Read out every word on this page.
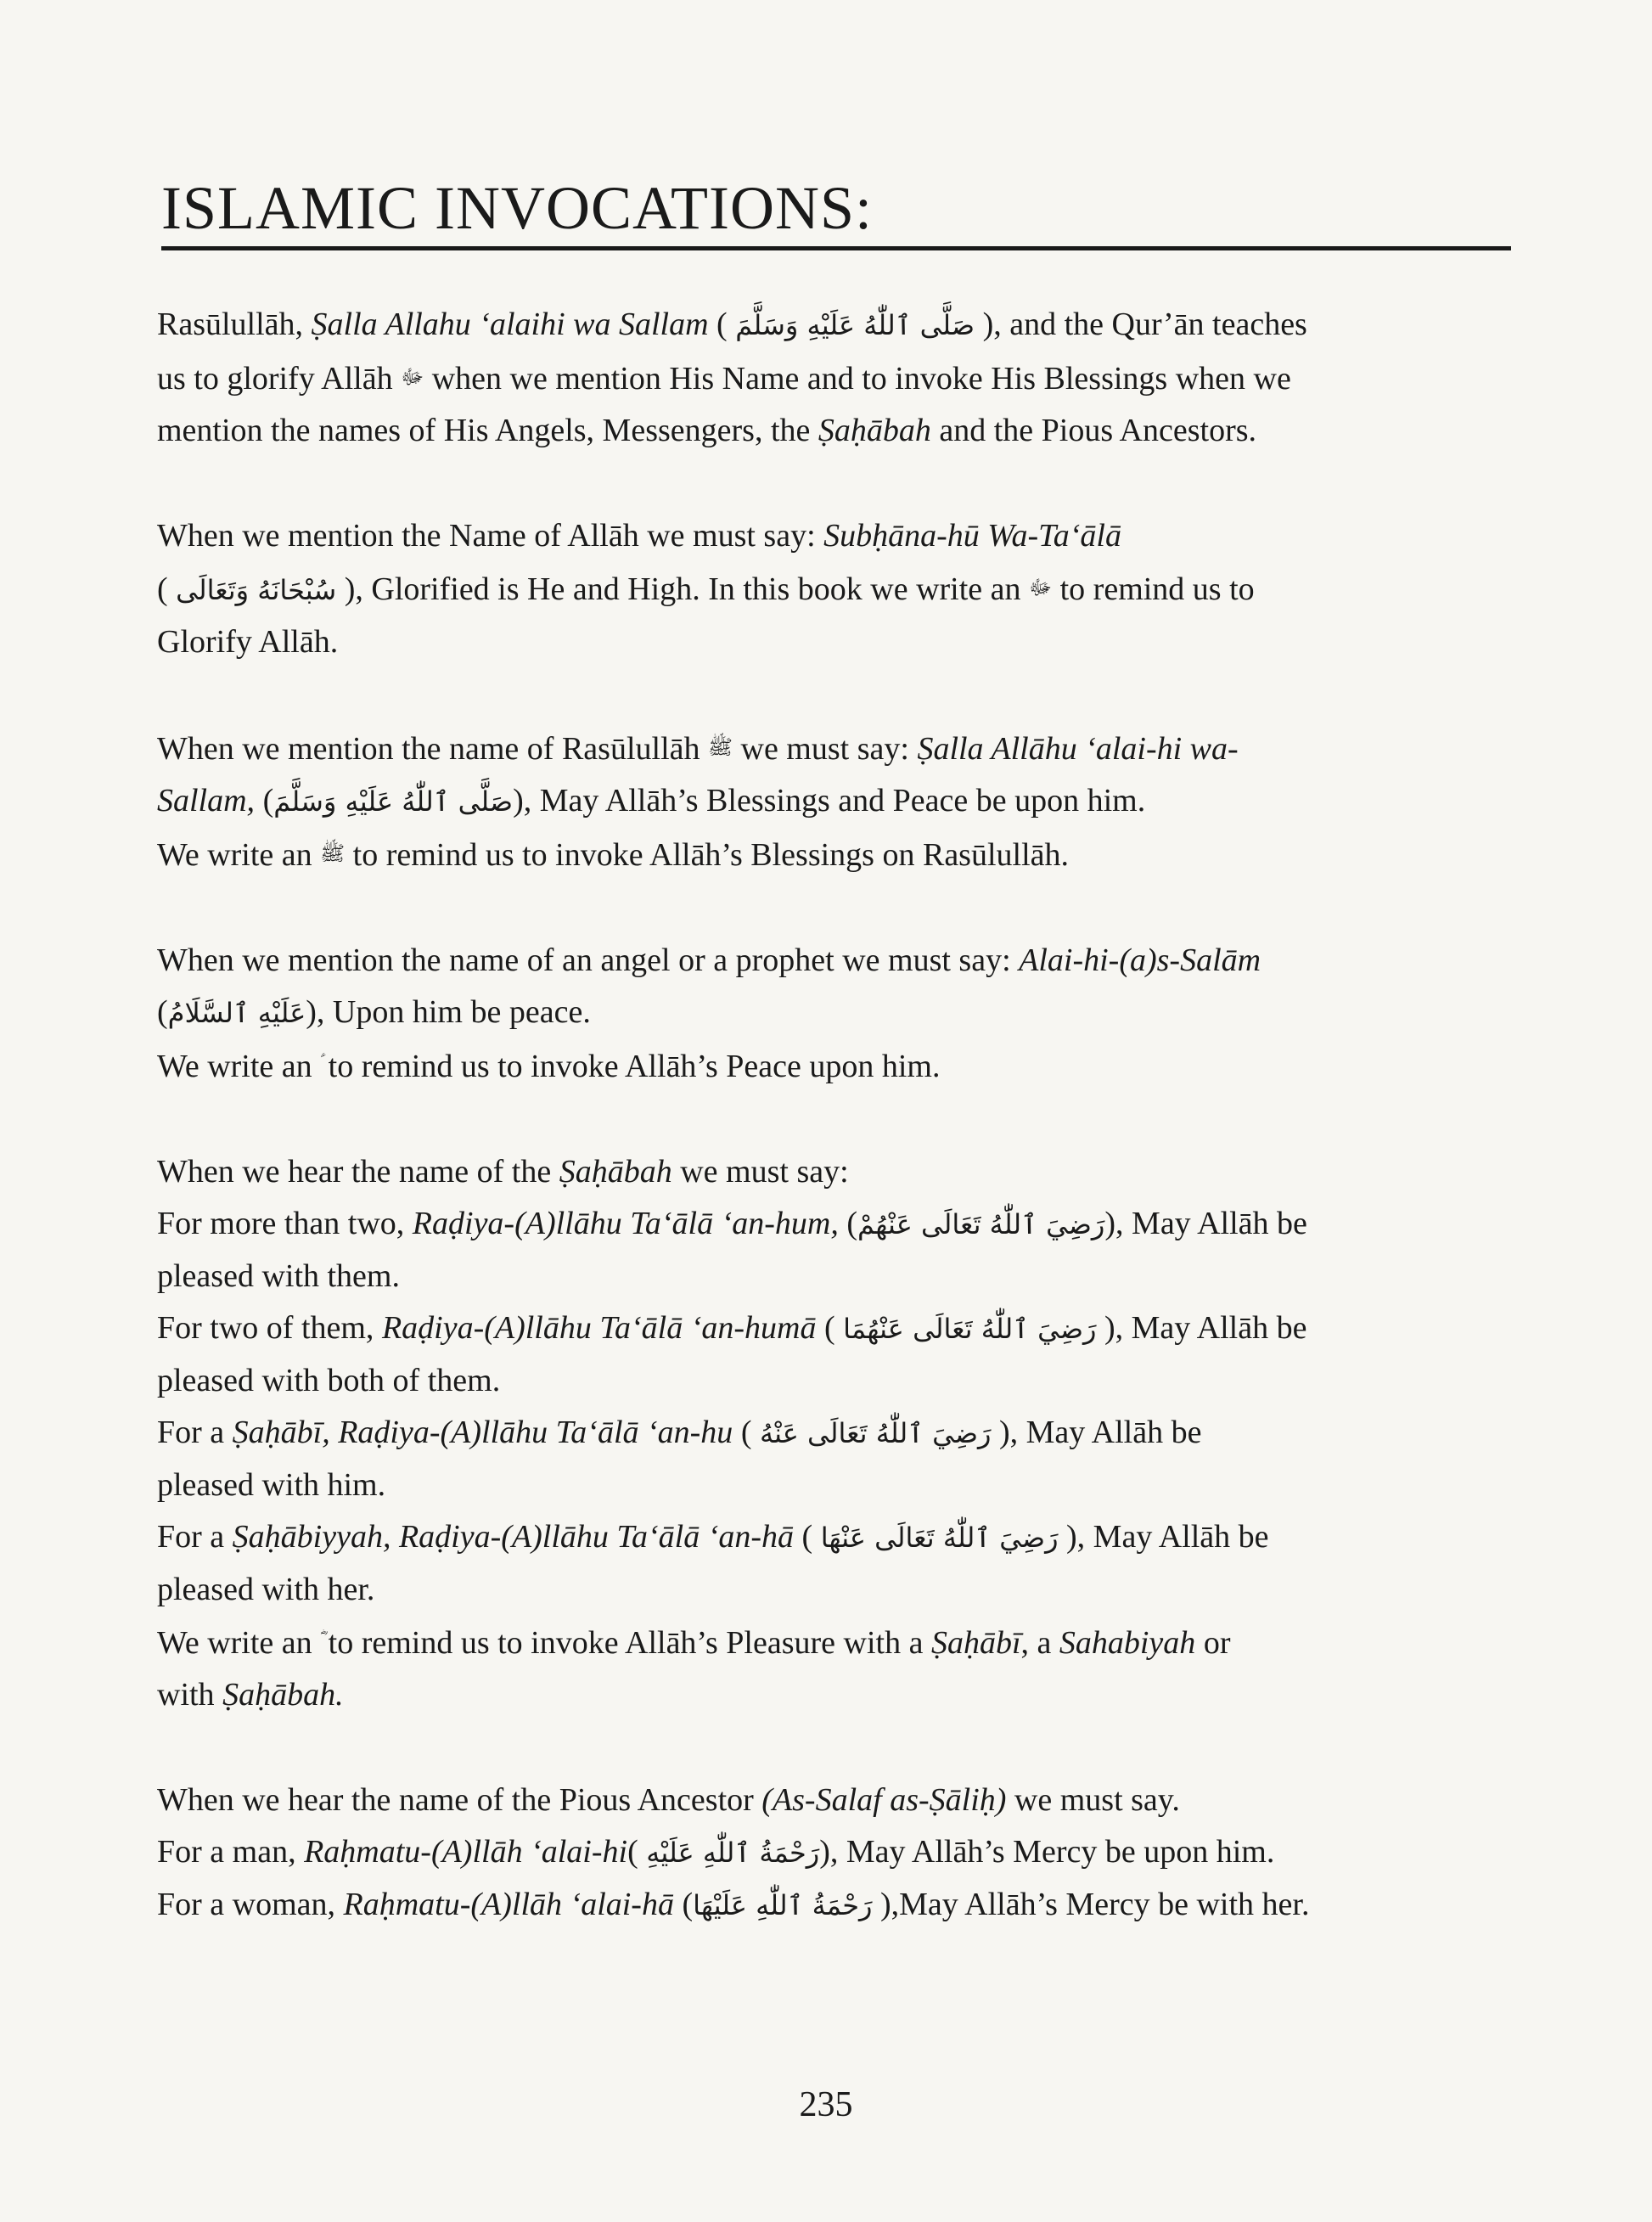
ISLAMIC INVOCATIONS:

Rasūlullāh, Ṣalla Allahu ‘alaihi wa Sallam ( صَلَّى ٱللّٰهُ عَلَيْهِ وَسَلَّمَ ), and the Qur’ān teaches
us to glorify Allāh ﷻ when we mention His Name and to invoke His Blessings when we
mention the names of His Angels, Messengers, the Ṣaḥābah and the Pious Ancestors.

When we mention the Name of Allāh we must say: Subḥāna-hū Wa-Ta‘ālā
( سُبْحَانَهُ وَتَعَالَى ), Glorified is He and High. In this book we write an ﷻ to remind us to
Glorify Allāh.

When we mention the name of Rasūlullāh ﷺ we must say: Ṣalla Allāhu ‘alai-hi wa-
Sallam, (صَلَّى ٱللّٰهُ عَلَيْهِ وَسَلَّمَ), May Allāh’s Blessings and Peace be upon him.
We write an ﷺ to remind us to invoke Allāh’s Blessings on Rasūlullāh.

When we mention the name of an angel or a prophet we must say: Alai-hi-(a)s-Salām
(عَلَيْهِ ٱلسَّلَامُ), Upon him be peace.
We write an  to remind us to invoke Allāh’s Peace upon him.

When we hear the name of the Ṣaḥābah we must say:
For more than two, Raḍiya-(A)llāhu Ta‘ālā ‘an-hum, (رَضِيَ ٱللّٰهُ تَعَالَى عَنْهُمْ), May Allāh be
pleased with them.
For two of them, Raḍiya-(A)llāhu Ta‘ālā ‘an-humā ( رَضِيَ ٱللّٰهُ تَعَالَى عَنْهُمَا ), May Allāh be
pleased with both of them.
For a Ṣaḥābī, Raḍiya-(A)llāhu Ta‘ālā ‘an-hu ( رَضِيَ ٱللّٰهُ تَعَالَى عَنْهُ ), May Allāh be
pleased with him.
For a Ṣaḥābiyyah, Raḍiya-(A)llāhu Ta‘ālā ‘an-hā ( رَضِيَ ٱللّٰهُ تَعَالَى عَنْهَا ), May Allāh be
pleased with her.
We write an  to remind us to invoke Allāh’s Pleasure with a Ṣaḥābī, a Sahabiyah or
with Ṣaḥābah.

When we hear the name of the Pious Ancestor (As-Salaf as-Ṣāliḥ) we must say.
For a man, Raḥmatu-(A)llāh ‘alai-hi( رَحْمَةُ ٱللّٰهِ عَلَيْهِ), May Allāh’s Mercy be upon him.
For a woman, Raḥmatu-(A)llāh ‘alai-hā (رَحْمَةُ ٱللّٰهِ عَلَيْهَا ),May Allāh’s Mercy be with her.

235
